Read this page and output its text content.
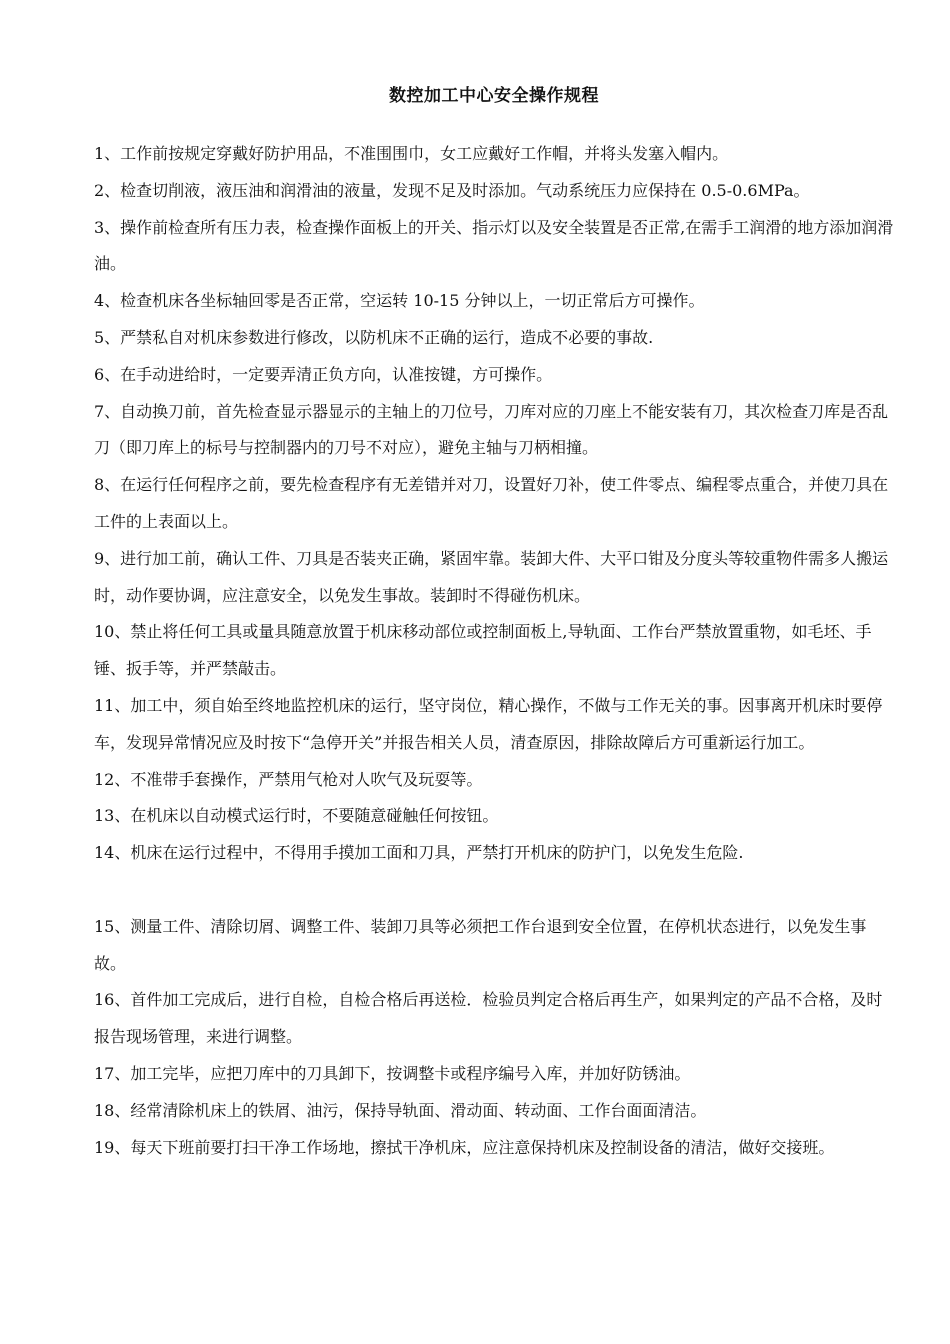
数控加工中心安全操作规程

1、工作前按规定穿戴好防护用品，不准围围巾，女工应戴好工作帽，并将头发塞入帽内。

2、检查切削液，液压油和润滑油的液量，发现不足及时添加。气动系统压力应保持在 0.5-0.6MPa。

3、操作前检查所有压力表，检查操作面板上的开关、指示灯以及安全装置是否正常,在需手工润滑的地方添加润滑油。

4、检查机床各坐标轴回零是否正常，空运转 10-15 分钟以上，一切正常后方可操作。

5、严禁私自对机床参数进行修改，以防机床不正确的运行，造成不必要的事故.

6、在手动进给时，一定要弄清正负方向，认准按键，方可操作。

7、自动换刀前，首先检查显示器显示的主轴上的刀位号，刀库对应的刀座上不能安装有刀，其次检查刀库是否乱刀（即刀库上的标号与控制器内的刀号不对应），避免主轴与刀柄相撞。

8、在运行任何程序之前，要先检查程序有无差错并对刀，设置好刀补，使工件零点、编程零点重合，并使刀具在工件的上表面以上。

9、进行加工前，确认工件、刀具是否装夹正确，紧固牢靠。装卸大件、大平口钳及分度头等较重物件需多人搬运时，动作要协调，应注意安全，以免发生事故。装卸时不得碰伤机床。

10、禁止将任何工具或量具随意放置于机床移动部位或控制面板上,导轨面、工作台严禁放置重物，如毛坯、手锤、扳手等，并严禁敲击。

11、加工中，须自始至终地监控机床的运行，坚守岗位，精心操作，不做与工作无关的事。因事离开机床时要停车，发现异常情况应及时按下“急停开关”并报告相关人员，清查原因，排除故障后方可重新运行加工。

12、不准带手套操作，严禁用气枪对人吹气及玩耍等。

13、在机床以自动模式运行时，不要随意碰触任何按钮。

14、机床在运行过程中，不得用手摸加工面和刀具，严禁打开机床的防护门，以免发生危险.

15、测量工件、清除切屑、调整工件、装卸刀具等必须把工作台退到安全位置，在停机状态进行，以免发生事故。

16、首件加工完成后，进行自检，自检合格后再送检．检验员判定合格后再生产，如果判定的产品不合格，及时报告现场管理，来进行调整。

17、加工完毕，应把刀库中的刀具卸下，按调整卡或程序编号入库，并加好防锈油。

18、经常清除机床上的铁屑、油污，保持导轨面、滑动面、转动面、工作台面面清洁。

19、每天下班前要打扫干净工作场地，擦拭干净机床，应注意保持机床及控制设备的清洁，做好交接班。
